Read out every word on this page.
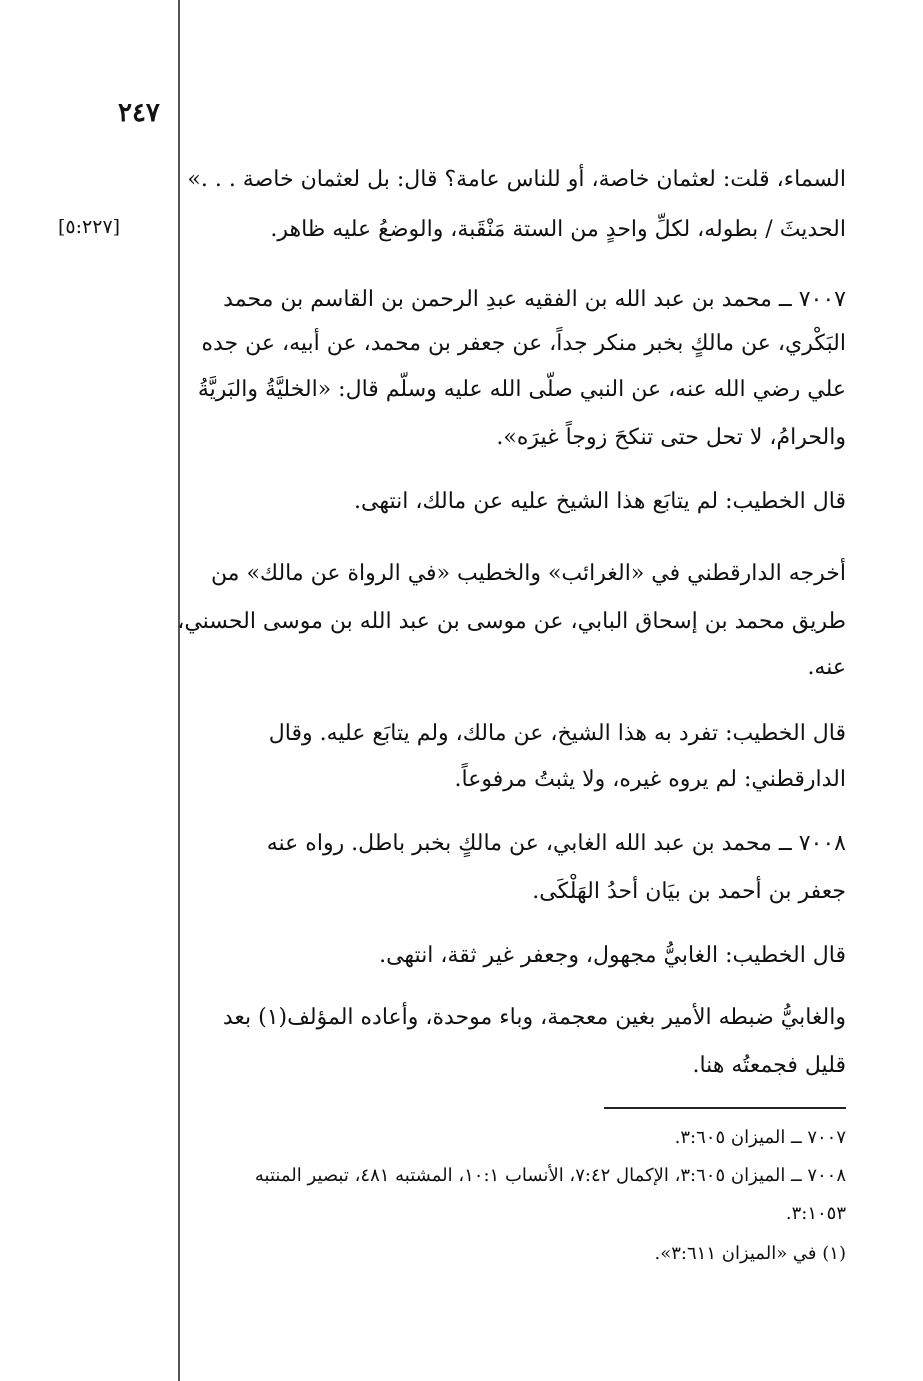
٢٤٧
[٥:٢٢٧]
السماء، قلت: لعثمان خاصة، أو للناس عامة؟ قال: بل لعثمان خاصة . . .»
الحديثَ / بطوله، لكلِّ واحدٍ من الستة مَنْقَبة، والوضعُ عليه ظاهر.
٧٠٠٧ ــ محمد بن عبد الله بن الفقيه عبدِ الرحمن بن القاسم بن محمد
البَكْري، عن مالكٍ بخبر منكر جداً، عن جعفر بن محمد، عن أبيه، عن جده
علي رضي الله عنه، عن النبي صلّى الله عليه وسلّم قال: «الخليَّةُ والبَريَّةُ
والحرامُ، لا تحل حتى تنكحَ زوجاً غيرَه».
قال الخطيب: لم يتابَع هذا الشيخ عليه عن مالك، انتهى.
أخرجه الدارقطني في «الغرائب» والخطيب «في الرواة عن مالك» من
طريق محمد بن إسحاق البابي، عن موسى بن عبد الله بن موسى الحسني،
عنه.
قال الخطيب: تفرد به هذا الشيخ، عن مالك، ولم يتابَع عليه. وقال
الدارقطني: لم يروه غيره، ولا يثبتُ مرفوعاً.
٧٠٠٨ ــ محمد بن عبد الله الغابي، عن مالكٍ بخبر باطل. رواه عنه
جعفر بن أحمد بن بيَان أحدُ الهَلْكَى.
قال الخطيب: الغابيُّ مجهول، وجعفر غير ثقة، انتهى.
والغابيُّ ضبطه الأمير بغين معجمة، وباء موحدة، وأعاده المؤلف(١) بعد
قليل فجمعتُه هنا.
٧٠٠٧ ــ الميزان ٣:٦٠٥.
٧٠٠٨ ــ الميزان ٣:٦٠٥، الإكمال ٧:٤٢، الأنساب ١٠:١، المشتبه ٤٨١، تبصير المنتبه
٣:١٠٥٣.
(١) في «الميزان ٣:٦١١».
